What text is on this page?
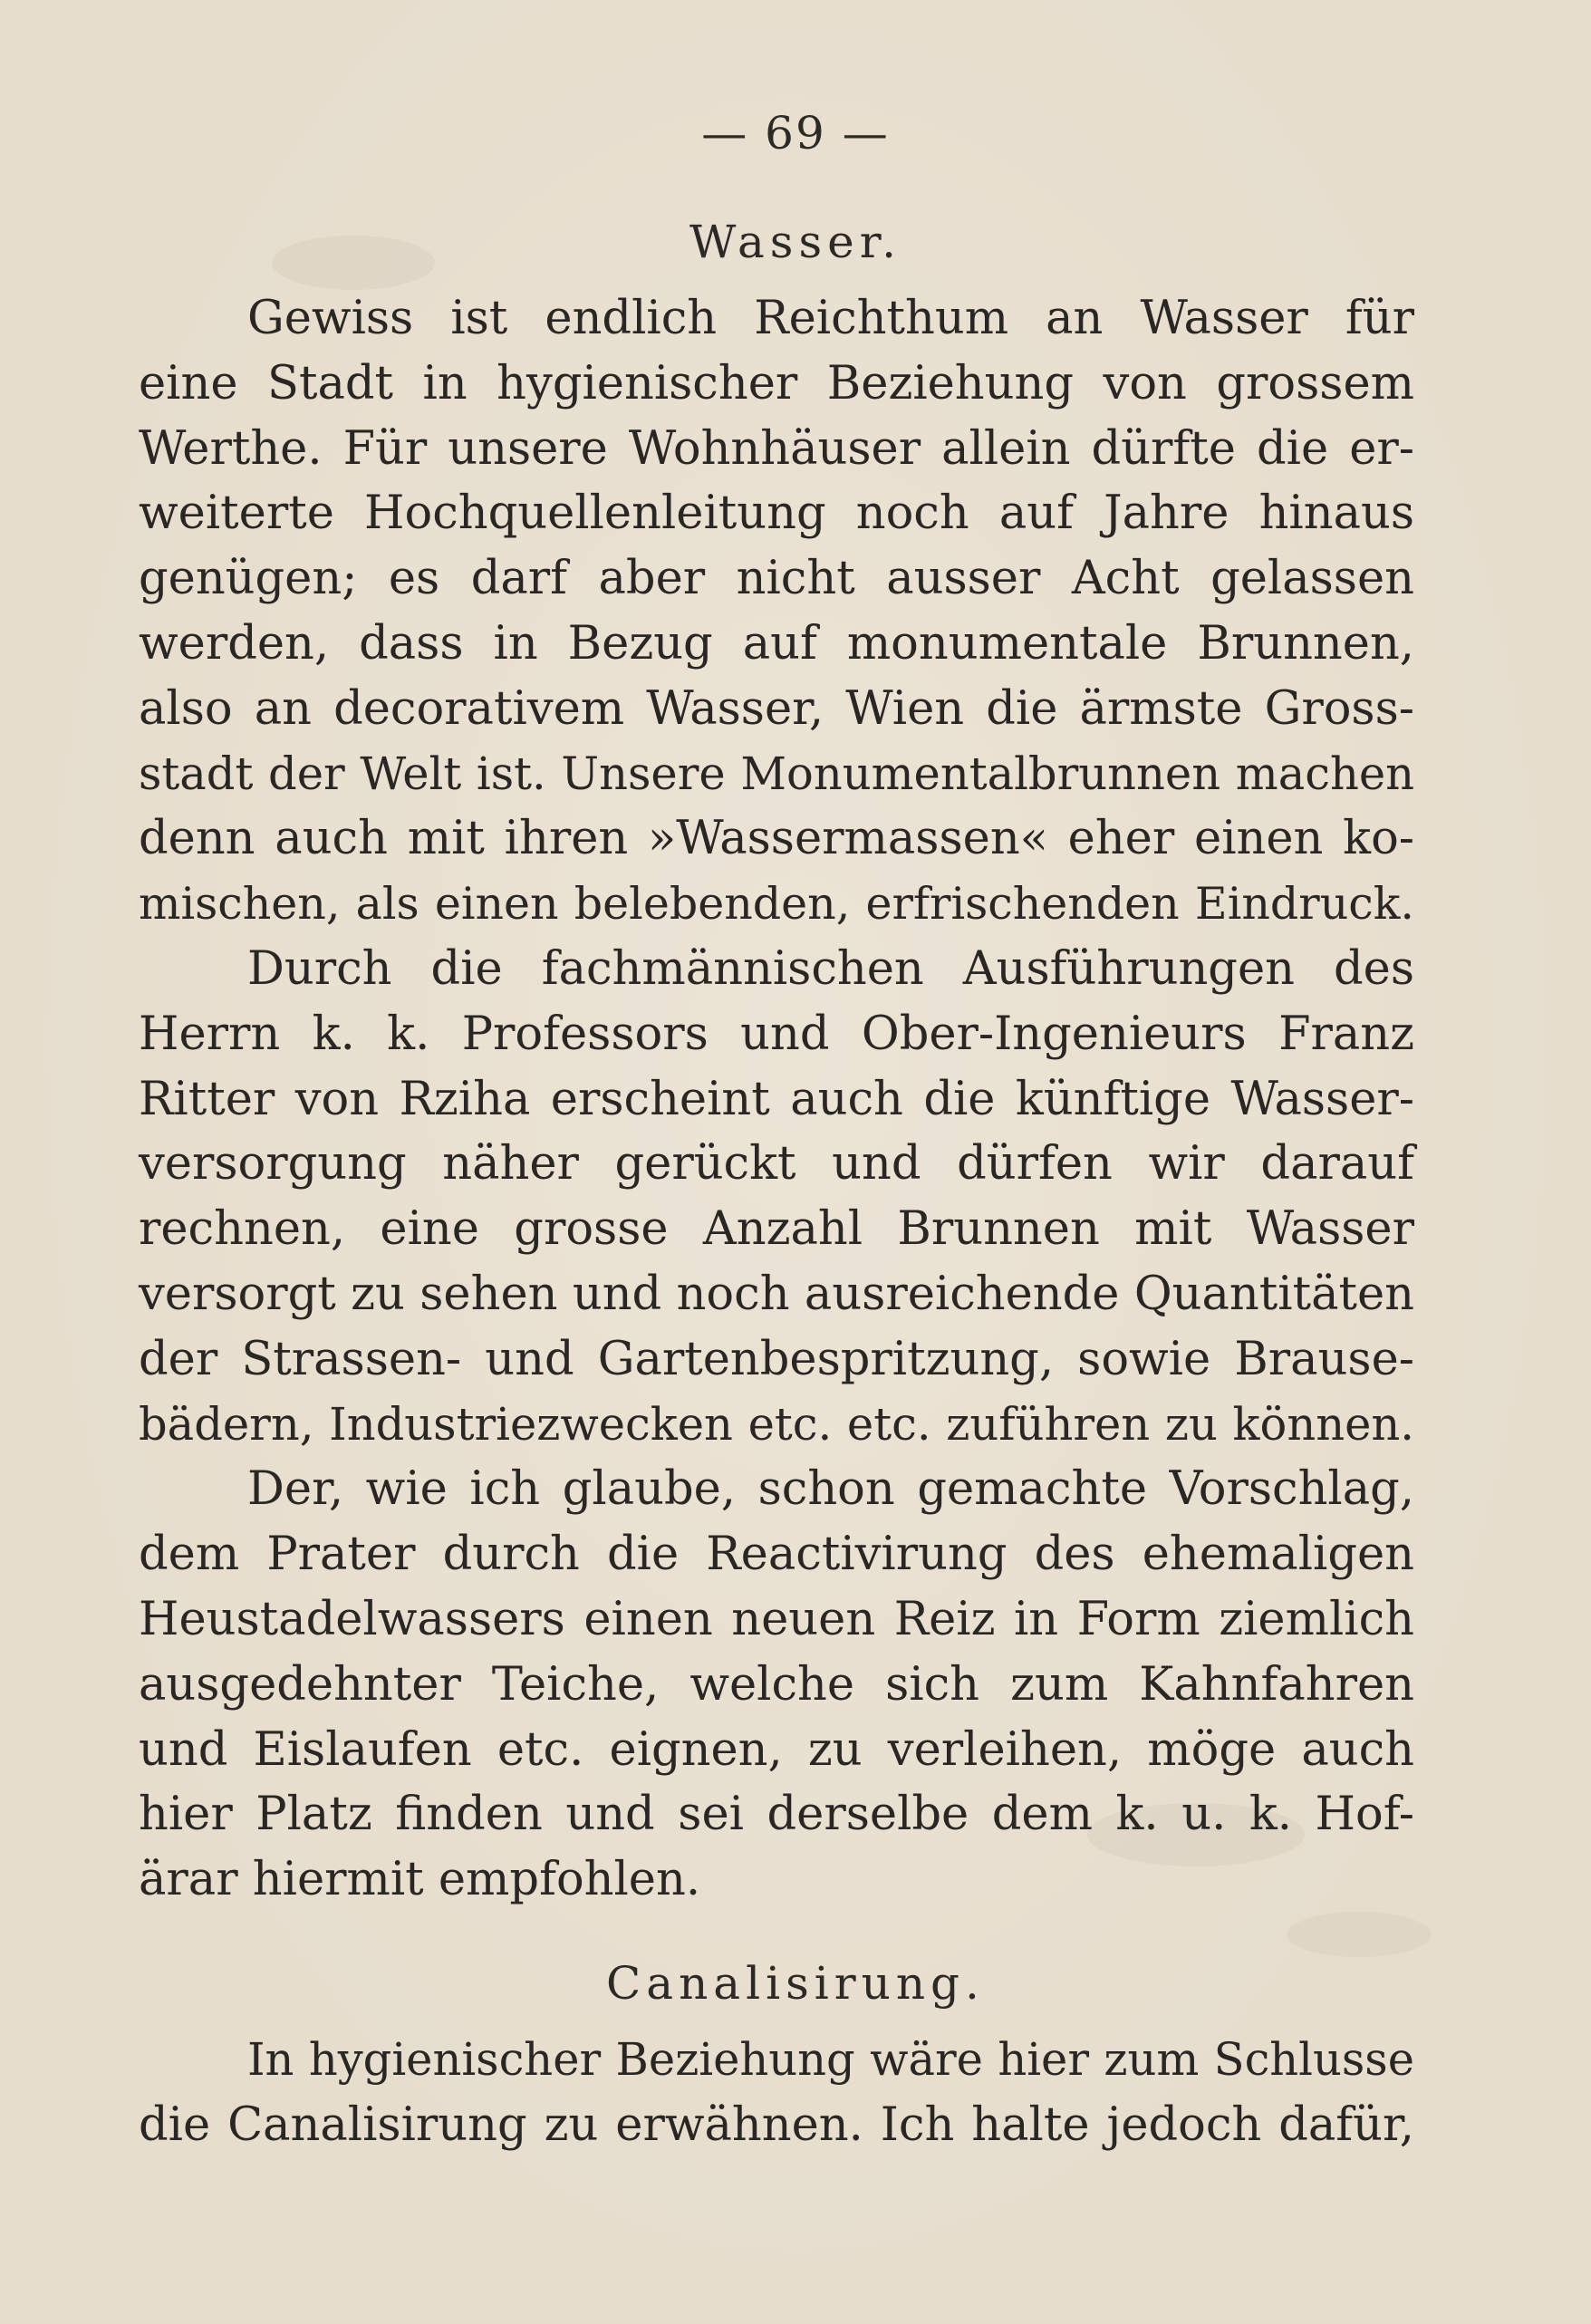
— 69 —
Wasser.
Gewiss ist endlich Reichthum an Wasser für
eine Stadt in hygienischer Beziehung von grossem
Werthe. Für unsere Wohnhäuser allein dürfte die er-
weiterte Hochquellenleitung noch auf Jahre hinaus
genügen; es darf aber nicht ausser Acht gelassen
werden, dass in Bezug auf monumentale Brunnen,
also an decorativem Wasser, Wien die ärmste Gross-
stadt der Welt ist. Unsere Monumentalbrunnen machen
denn auch mit ihren »Wassermassen« eher einen ko-
mischen, als einen belebenden, erfrischenden Eindruck.
Durch die fachmännischen Ausführungen des
Herrn k. k. Professors und Ober-Ingenieurs Franz
Ritter von Rziha erscheint auch die künftige Wasser-
versorgung näher gerückt und dürfen wir darauf
rechnen, eine grosse Anzahl Brunnen mit Wasser
versorgt zu sehen und noch ausreichende Quantitäten
der Strassen- und Gartenbespritzung, sowie Brause-
bädern, Industriezwecken etc. etc. zuführen zu können.
Der, wie ich glaube, schon gemachte Vorschlag,
dem Prater durch die Reactivirung des ehemaligen
Heustadelwassers einen neuen Reiz in Form ziemlich
ausgedehnter Teiche, welche sich zum Kahnfahren
und Eislaufen etc. eignen, zu verleihen, möge auch
hier Platz finden und sei derselbe dem k. u. k. Hof-
ärar hiermit empfohlen.
Canalisirung.
In hygienischer Beziehung wäre hier zum Schlusse
die Canalisirung zu erwähnen. Ich halte jedoch dafür,
